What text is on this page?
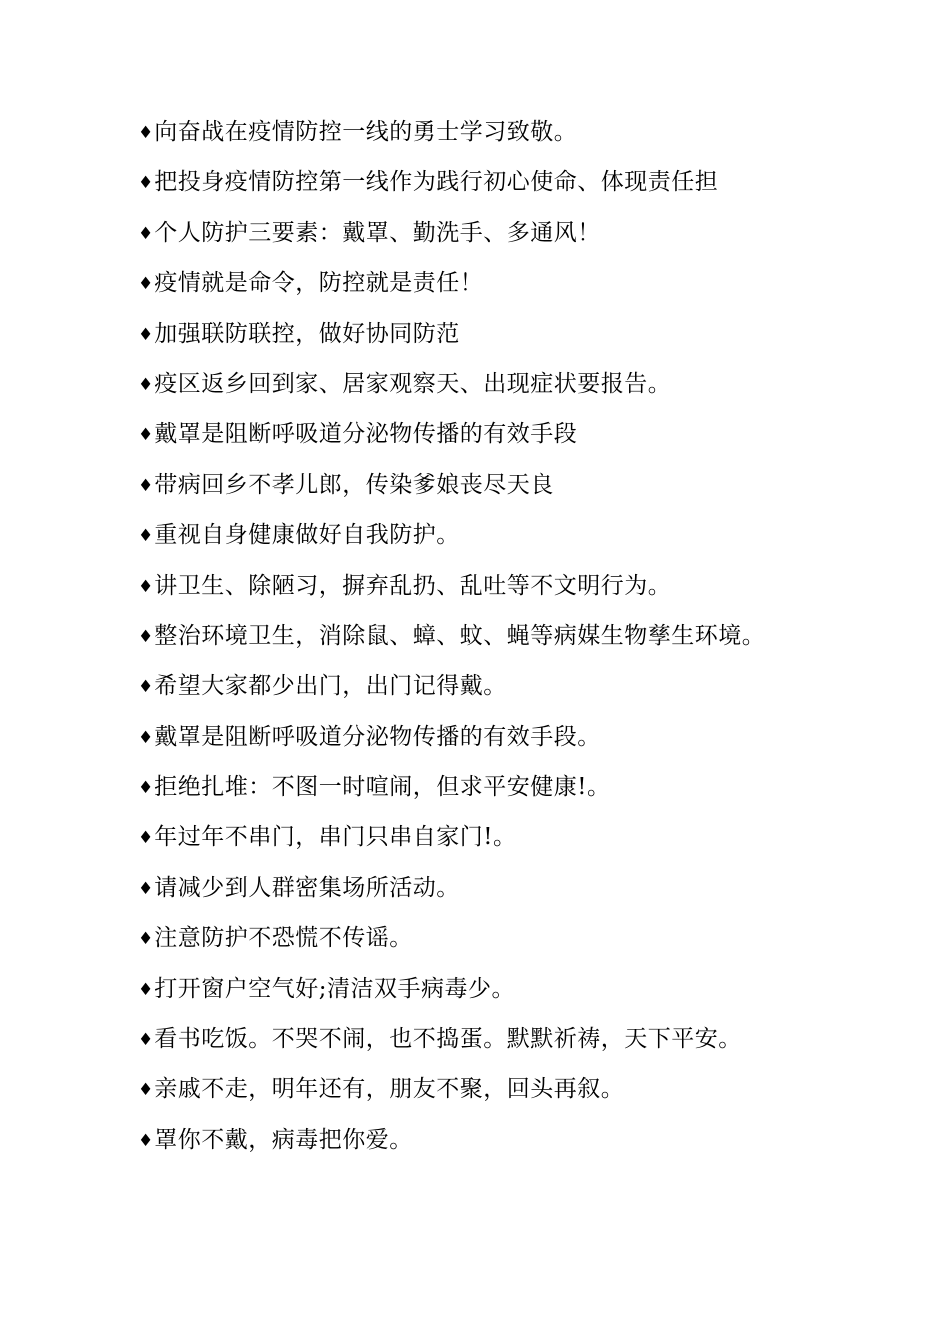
♦ 向奋战在疫情防控一线的勇士学习致敬。
♦ 把投身疫情防控第一线作为践行初心使命、体现责任担
♦ 个人防护三要素：戴罩、勤洗手、多通风！
♦ 疫情就是命令，防控就是责任！
♦ 加强联防联控，做好协同防范
♦ 疫区返乡回到家、居家观察天、出现症状要报告。
♦ 戴罩是阻断呼吸道分泌物传播的有效手段
♦ 带病回乡不孝儿郎，传染爹娘丧尽天良
♦ 重视自身健康做好自我防护。
♦ 讲卫生、除陋习，摒弃乱扔、乱吐等不文明行为。
♦ 整治环境卫生，消除鼠、蟑、蚊、蝇等病媒生物孳生环境。
♦ 希望大家都少出门，出门记得戴。
♦ 戴罩是阻断呼吸道分泌物传播的有效手段。
♦ 拒绝扎堆：不图一时喧闹，但求平安健康!。
♦ 年过年不串门，串门只串自家门!。
♦ 请减少到人群密集场所活动。
♦ 注意防护不恐慌不传谣。
♦ 打开窗户空气好;清洁双手病毒少。
♦ 看书吃饭。不哭不闹，也不捣蛋。默默祈祷，天下平安。
♦ 亲戚不走，明年还有，朋友不聚，回头再叙。
♦ 罩你不戴，病毒把你爱。
